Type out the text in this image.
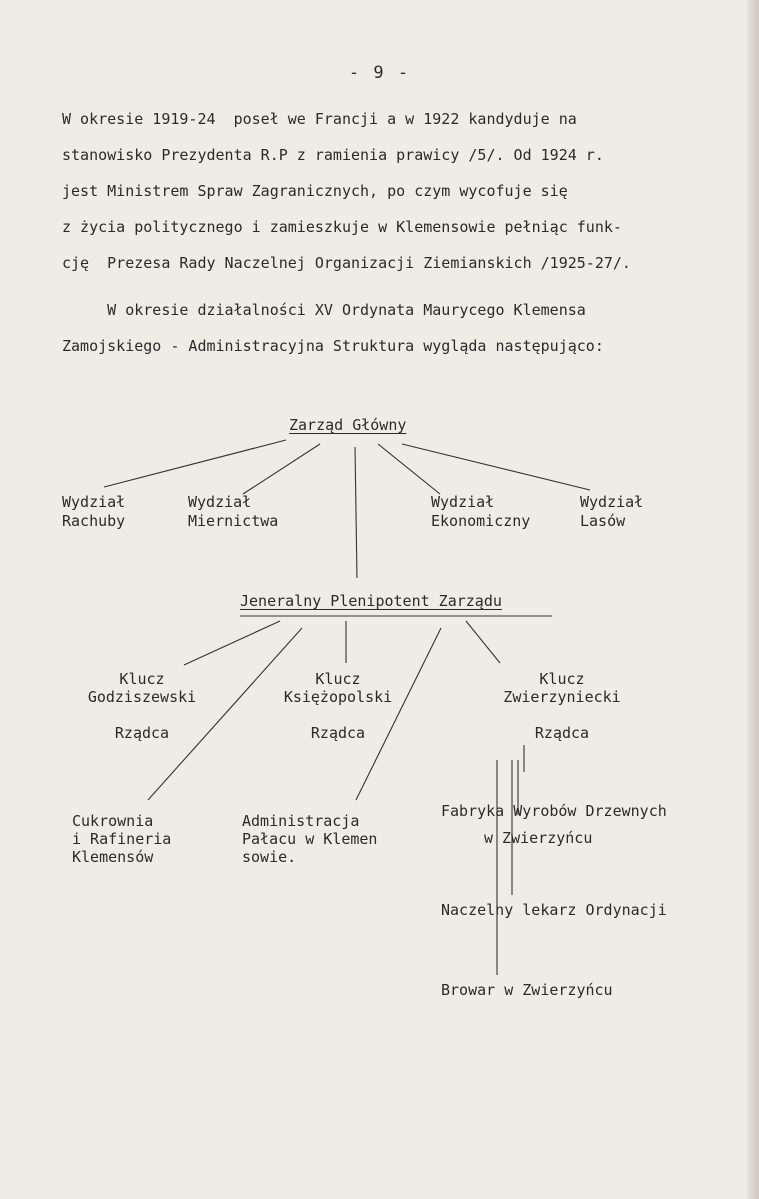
- 9 -
W okresie 1919-24  poseł we Francji a w 1922 kandyduje na
stanowisko Prezydenta R.P z ramienia prawicy /5/. Od 1924 r.
jest Ministrem Spraw Zagranicznych, po czym wycofuje się
z życia politycznego i zamieszkuje w Klemensowie pełniąc funk-
cję  Prezesa Rady Naczelnej Organizacji Ziemianskich /1925-27/.
W okresie działalności XV Ordynata Maurycego Klemensa
Zamojskiego - Administracyjna Struktura wygląda następująco:
Zarząd Główny
Wydział
Rachuby
Wydział
Miernictwa
Wydział
Ekonomiczny
Wydział
Lasów
Jeneralny Plenipotent Zarządu
Klucz
Godziszewski
Rządca
Klucz
Księżopolski
Rządca
Klucz
Zwierzyniecki
Rządca
Cukrownia
i Rafineria
Klemensów
Administracja
Pałacu w Klemen
sowie.
Fabryka Wyrobów Drzewnych
w Zwierzyńcu
Naczelny lekarz Ordynacji
Browar w Zwierzyńcu
